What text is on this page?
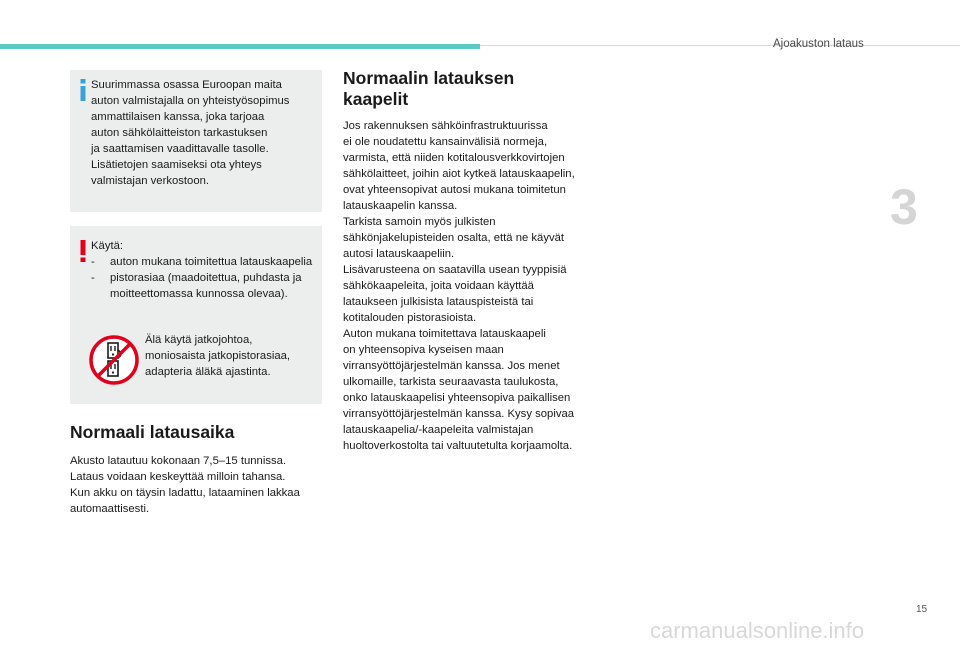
Ajoakuston lataus
3

Suurimmassa osassa Euroopan maita
auton valmistajalla on yhteistyösopimus
ammattilaisen kanssa, joka tarjoaa
auton sähkölaitteiston tarkastuksen
ja saattamisen vaadittavalle tasolle.
Lisätietojen saamiseksi ota yhteys
valmistajan verkostoon.

Käytä:
- auton mukana toimitettua latauskaapelia
- pistorasiaa (maadoitettua, puhdasta ja moitteettomassa kunnossa olevaa).

Älä käytä jatkojohtoa,
moniosaista jatkopistorasiaa,
adapteria äläkä ajastinta.

Normaali latausaika

Akusto latautuu kokonaan 7,5–15 tunnissa.
Lataus voidaan keskeyttää milloin tahansa.
Kun akku on täysin ladattu, lataaminen lakkaa
automaattisesti.

Normaalin latauksen
kaapelit

Jos rakennuksen sähköinfrastruktuurissa
ei ole noudatettu kansainvälisiä normeja,
varmista, että niiden kotitalousverkkovirtojen
sähkölaitteet, joihin aiot kytkeä latauskaapelin,
ovat yhteensopivat autosi mukana toimitetun
latauskaapelin kanssa.
Tarkista samoin myös julkisten
sähkönjakelupisteiden osalta, että ne käyvät
autosi latauskaapeliin.
Lisävarusteena on saatavilla usean tyyppisiä
sähkökaapeleita, joita voidaan käyttää
lataukseen julkisista latauspisteistä tai
kotitalouden pistorasioista.
Auton mukana toimitettava latauskaapeli
on yhteensopiva kyseisen maan
virransyöttöjärjestelmän kanssa. Jos menet
ulkomaille, tarkista seuraavasta taulukosta,
onko latauskaapelisi yhteensopiva paikallisen
virransyöttöjärjestelmän kanssa. Kysy sopivaa
latauskaapelia/-kaapeleita valmistajan
huoltoverkostolta tai valtuutetulta korjaamolta.

15
carmanualsonline.info
